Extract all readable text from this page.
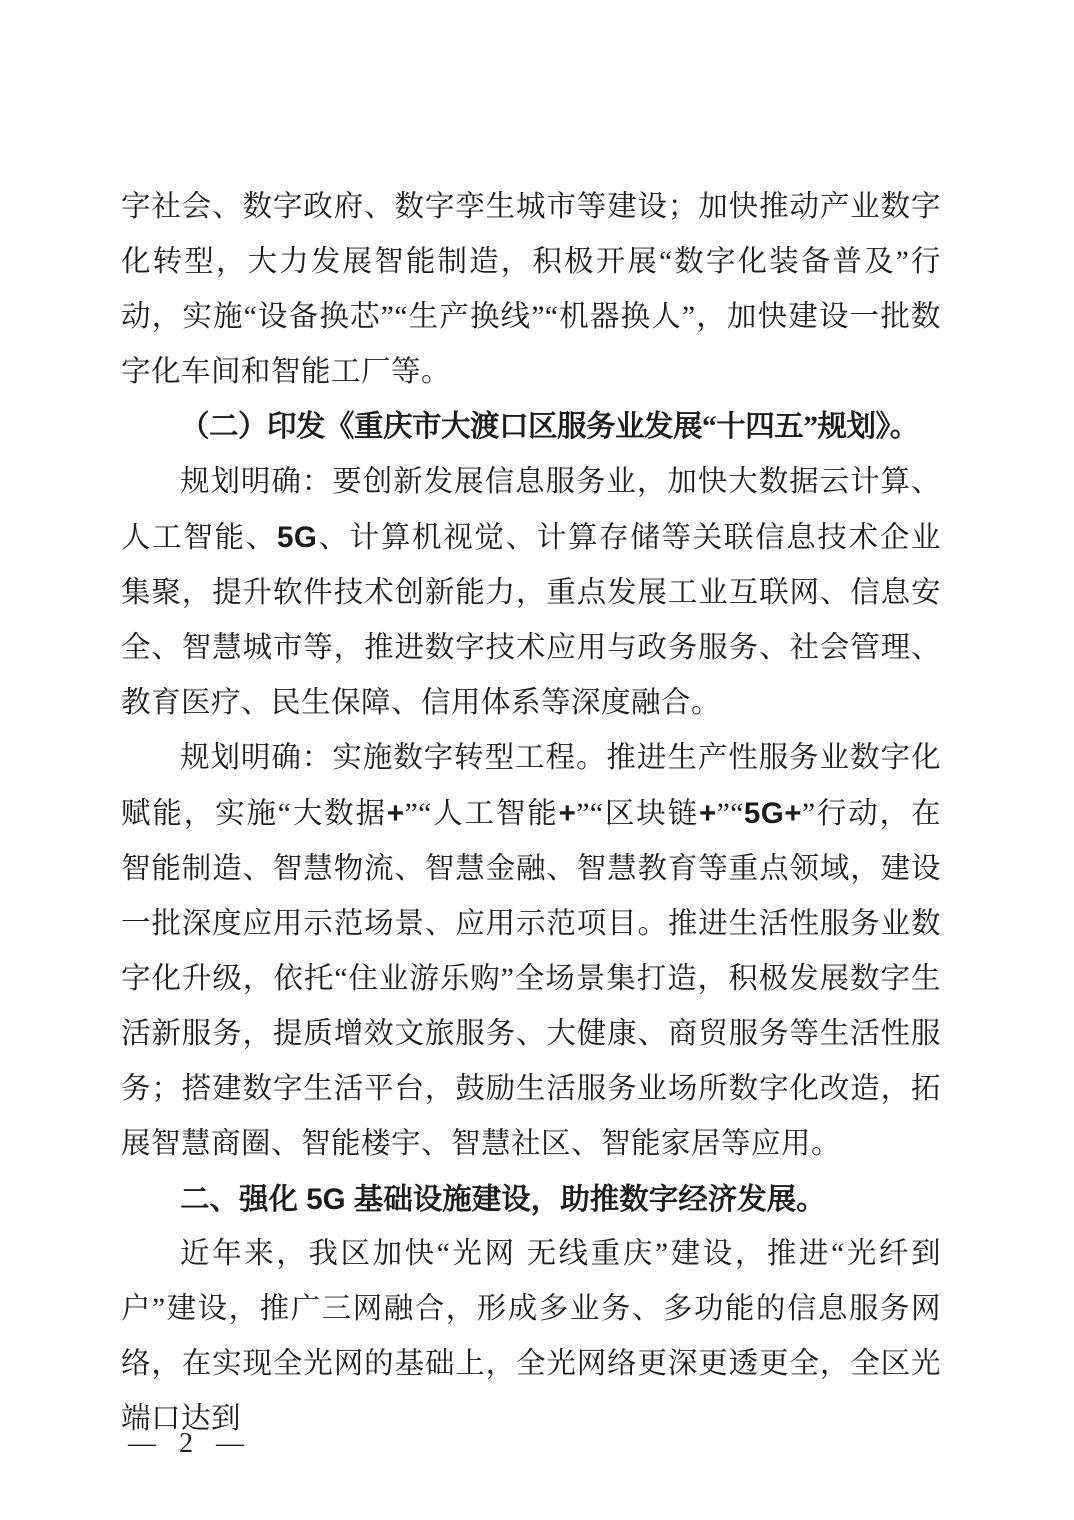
字社会、数字政府、数字孪生城市等建设；加快推动产业数字化转型，大力发展智能制造，积极开展“数字化装备普及”行动，实施“设备换芯”“生产换线”“机器换人”，加快建设一批数字化车间和智能工厂等。
（二）印发《重庆市大渡口区服务业发展“十四五”规划》。
规划明确：要创新发展信息服务业，加快大数据云计算、人工智能、5G、计算机视觉、计算存储等关联信息技术企业集聚，提升软件技术创新能力，重点发展工业互联网、信息安全、智慧城市等，推进数字技术应用与政务服务、社会管理、教育医疗、民生保障、信用体系等深度融合。
规划明确：实施数字转型工程。推进生产性服务业数字化赋能，实施“大数据+”“人工智能+”“区块链+”“5G+”行动，在智能制造、智慧物流、智慧金融、智慧教育等重点领域，建设一批深度应用示范场景、应用示范项目。推进生活性服务业数字化升级，依托“住业游乐购”全场景集打造，积极发展数字生活新服务，提质增效文旅服务、大健康、商贸服务等生活性服务；搭建数字生活平台，鼓励生活服务业场所数字化改造，拓展智慧商圈、智能楼宇、智慧社区、智能家居等应用。
二、强化 5G 基础设施建设，助推数字经济发展。
近年来，我区加快“光网 无线重庆”建设，推进“光纤到户”建设，推广三网融合，形成多业务、多功能的信息服务网络，在实现全光网的基础上，全光网络更深更透更全，全区光端口达到
— 2 —
